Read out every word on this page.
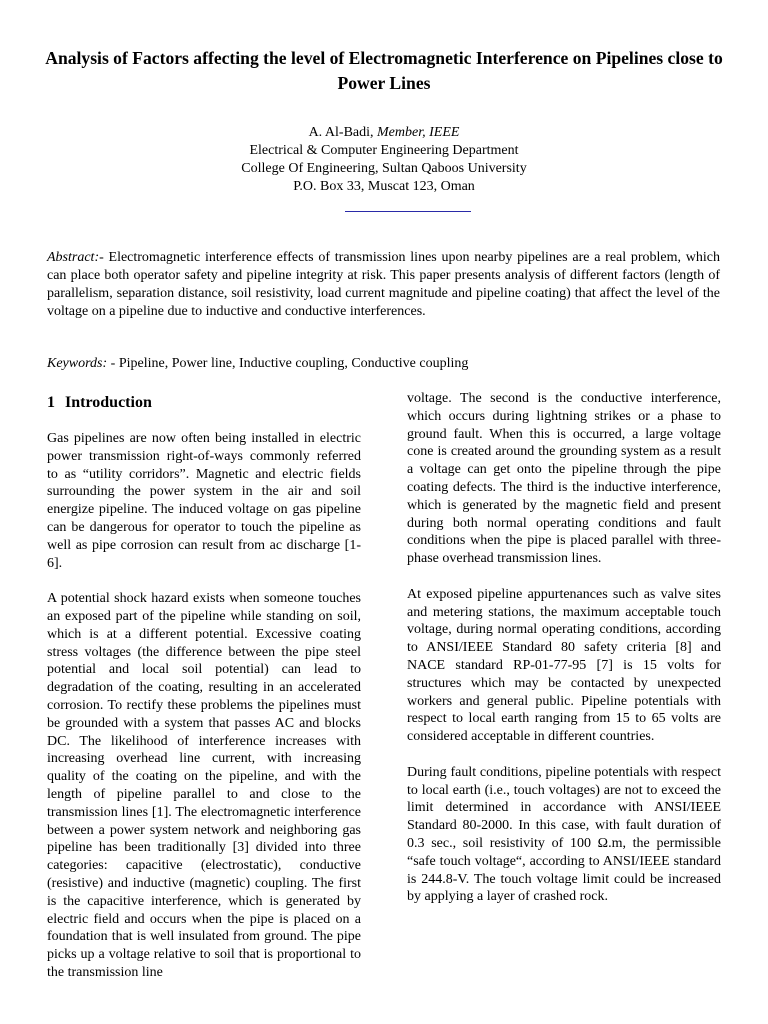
Analysis of Factors affecting the level of Electromagnetic Interference on Pipelines close to Power Lines
A. Al-Badi, Member, IEEE
Electrical & Computer Engineering Department
College Of Engineering, Sultan Qaboos University
P.O. Box 33, Muscat 123, Oman

Abstract:- Electromagnetic interference effects of transmission lines upon nearby pipelines are a real problem, which can place both operator safety and pipeline integrity at risk. This paper presents analysis of different factors (length of parallelism, separation distance, soil resistivity, load current magnitude and pipeline coating) that affect the level of the voltage on a pipeline due to inductive and conductive interferences.

Keywords: - Pipeline, Power line, Inductive coupling, Conductive coupling

1 Introduction

Gas pipelines are now often being installed in electric power transmission right-of-ways commonly referred to as “utility corridors”. Magnetic and electric fields surrounding the power system in the air and soil energize pipeline. The induced voltage on gas pipeline can be dangerous for operator to touch the pipeline as well as pipe corrosion can result from ac discharge [1-6].

A potential shock hazard exists when someone touches an exposed part of the pipeline while standing on soil, which is at a different potential. Excessive coating stress voltages (the difference between the pipe steel potential and local soil potential) can lead to degradation of the coating, resulting in an accelerated corrosion. To rectify these problems the pipelines must be grounded with a system that passes AC and blocks DC. The likelihood of interference increases with increasing overhead line current, with increasing quality of the coating on the pipeline, and with the length of pipeline parallel to and close to the transmission lines [1]. The electromagnetic interference between a power system network and neighboring gas pipeline has been traditionally [3] divided into three categories: capacitive (electrostatic), conductive (resistive) and inductive (magnetic) coupling. The first is the capacitive interference, which is generated by electric field and occurs when the pipe is placed on a foundation that is well insulated from ground. The pipe picks up a voltage relative to soil that is proportional to the transmission line

voltage. The second is the conductive interference, which occurs during lightning strikes or a phase to ground fault. When this is occurred, a large voltage cone is created around the grounding system as a result a voltage can get onto the pipeline through the pipe coating defects. The third is the inductive interference, which is generated by the magnetic field and present during both normal operating conditions and fault conditions when the pipe is placed parallel with three-phase overhead transmission lines.

At exposed pipeline appurtenances such as valve sites and metering stations, the maximum acceptable touch voltage, during normal operating conditions, according to ANSI/IEEE Standard 80 safety criteria [8] and NACE standard RP-01-77-95 [7] is 15 volts for structures which may be contacted by unexpected workers and general public. Pipeline potentials with respect to local earth ranging from 15 to 65 volts are considered acceptable in different countries.

During fault conditions, pipeline potentials with respect to local earth (i.e., touch voltages) are not to exceed the limit determined in accordance with ANSI/IEEE Standard 80-2000. In this case, with fault duration of 0.3 sec., soil resistivity of 100 Ω.m, the permissible “safe touch voltage“, according to ANSI/IEEE standard is 244.8-V. The touch voltage limit could be increased by applying a layer of crashed rock.
